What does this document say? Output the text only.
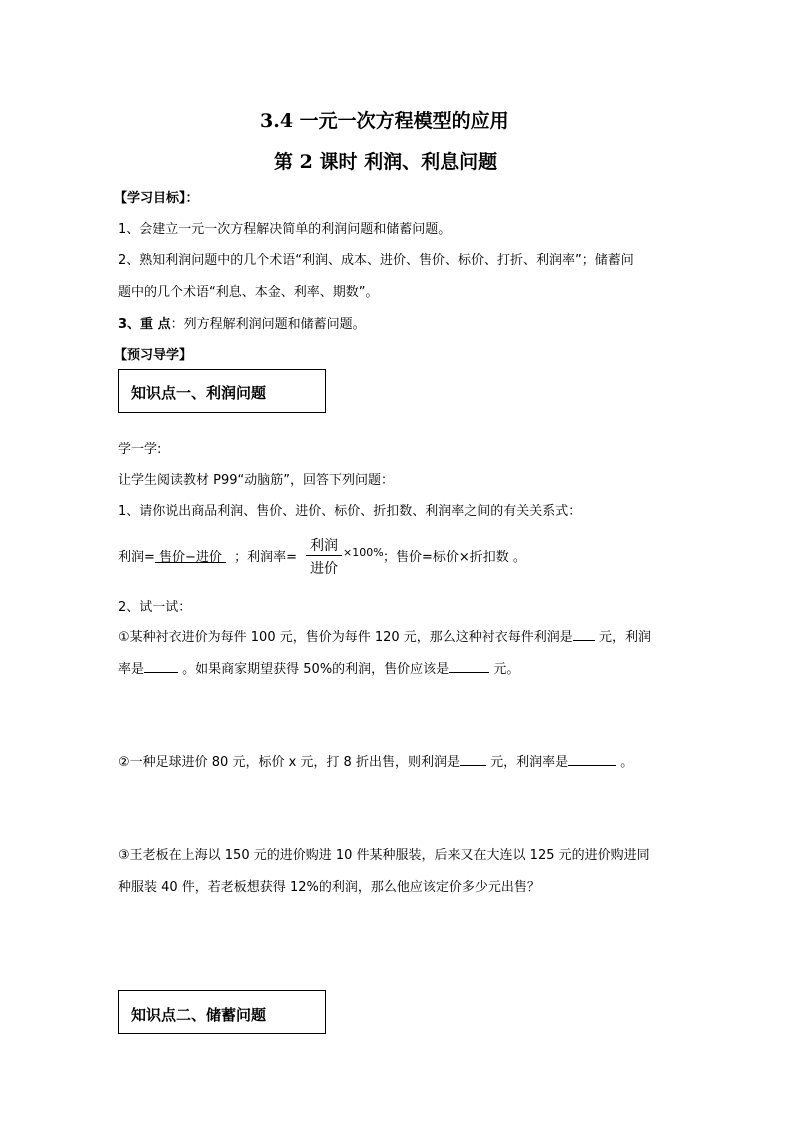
3.4 一元一次方程模型的应用
第 2 课时 利润、利息问题
【学习目标】：
1、会建立一元一次方程解决简单的利润问题和储蓄问题。
2、熟知利润问题中的几个术语“利润、成本、进价、售价、标价、打折、利润率”；储蓄问
题中的几个术语“利息、本金、利率、期数”。
3、重 点：列方程解利润问题和储蓄问题。
【预习导学】
知识点一、利润问题
学一学:
让学生阅读教材 P99“动脑筋”，回答下列问题：
1、请你说出商品利润、售价、进价、标价、折扣数、利润率之间的有关关系式：
利润= 售价−进价 ；利润率=
利润
进价
×100% ；售价=标价×折扣数 。
2、试一试：
①某种衬衣进价为每件 100 元，售价为每件 120 元，那么这种衬衣每件利润是 元，利润
率是	。如果商家期望获得 50%的利润，售价应该是	元。
②一种足球进价 80 元，标价 x 元，打 8 折出售，则利润是 元，利润率是	。
③王老板在上海以 150 元的进价购进 10 件某种服装，后来又在大连以 125 元的进价购进同
种服装 40 件，若老板想获得 12%的利润，那么他应该定价多少元出售？
知识点二、储蓄问题
